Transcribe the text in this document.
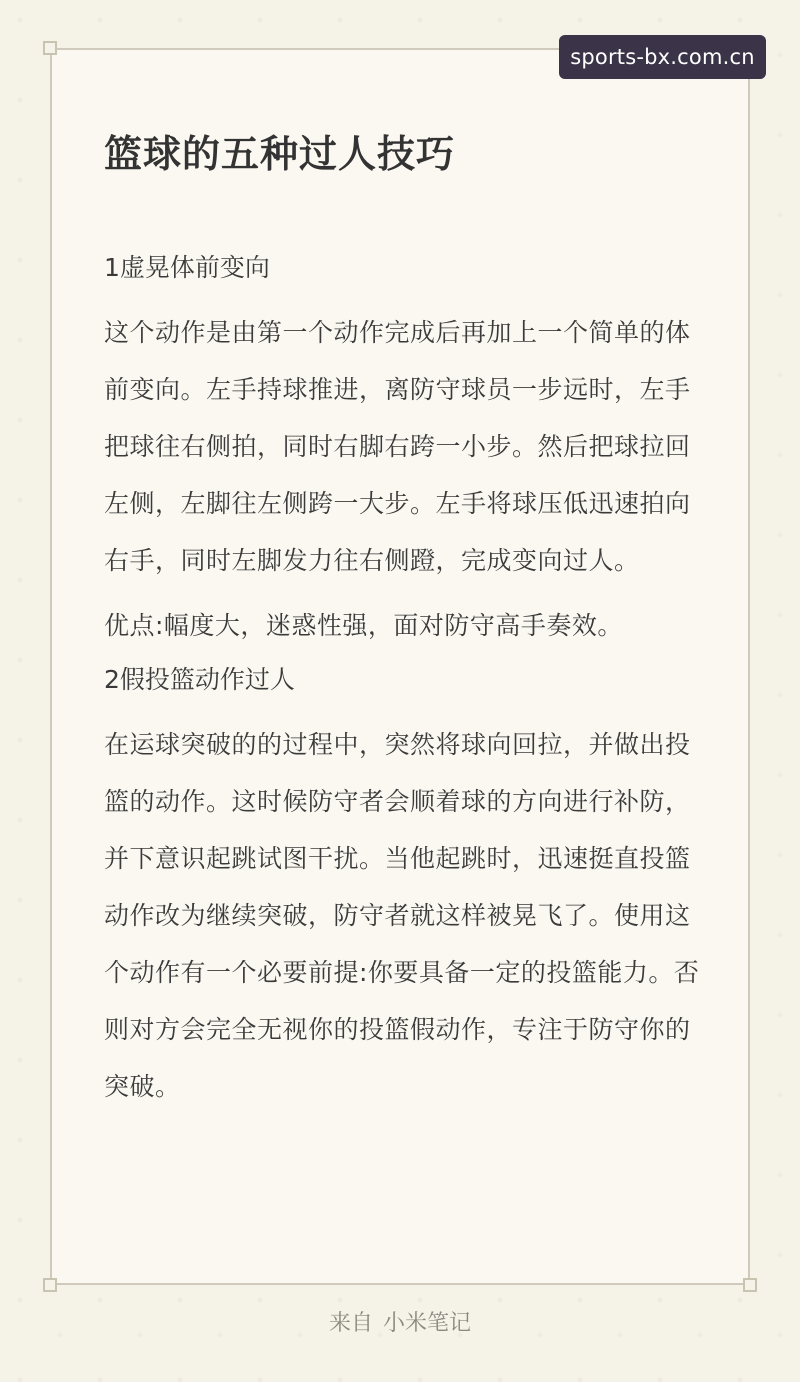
sports-bx.com.cn
篮球的五种过人技巧

1虚晃体前变向

这个动作是由第一个动作完成后再加上一个简单的体前变向。左手持球推进，离防守球员一步远时，左手把球往右侧拍，同时右脚右跨一小步。然后把球拉回左侧，左脚往左侧跨一大步。左手将球压低迅速拍向右手，同时左脚发力往右侧蹬，完成变向过人。

优点:幅度大，迷惑性强，面对防守高手奏效。

2假投篮动作过人

在运球突破的的过程中，突然将球向回拉，并做出投篮的动作。这时候防守者会顺着球的方向进行补防，并下意识起跳试图干扰。当他起跳时，迅速挺直投篮动作改为继续突破，防守者就这样被晃飞了。使用这个动作有一个必要前提:你要具备一定的投篮能力。否则对方会完全无视你的投篮假动作，专注于防守你的突破。

来自 小米笔记
